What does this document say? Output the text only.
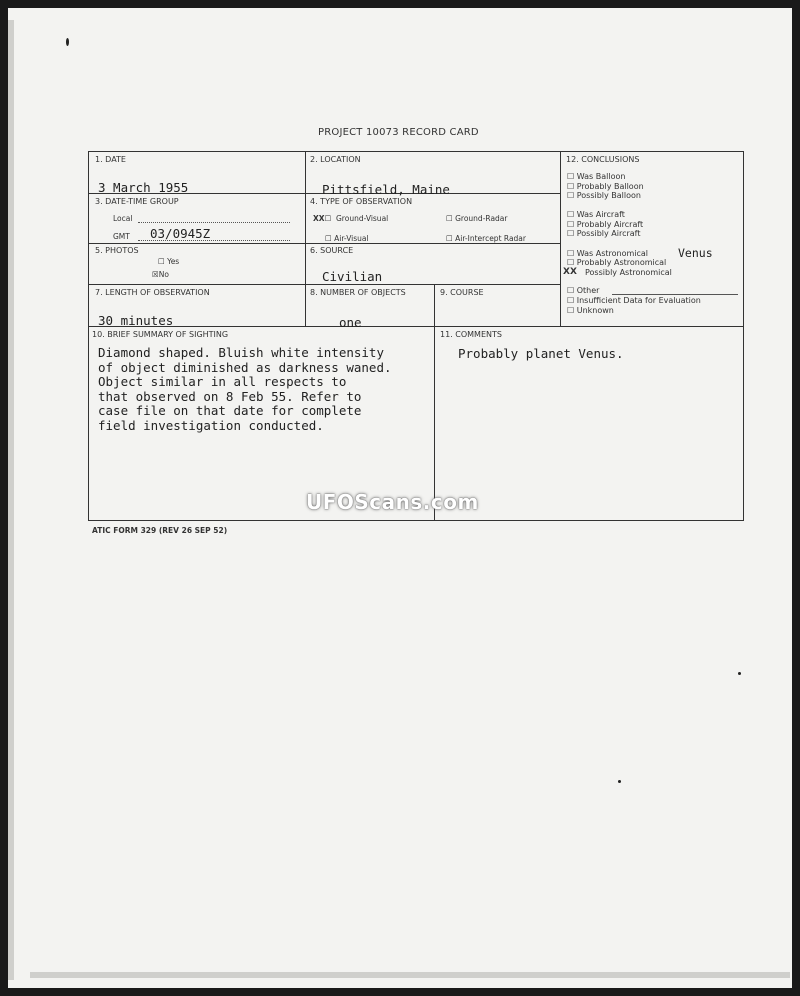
PROJECT 10073 RECORD CARD
1. DATE
3 March 1955
2. LOCATION
Pittsfield, Maine
3. DATE-TIME GROUP
Local
GMT 03/0945Z
4. TYPE OF OBSERVATION
XX☐ Ground-Visual	☐ Ground-Radar
☐ Air-Visual	☐ Air-Intercept Radar
5. PHOTOS
☐ Yes
☒No
6. SOURCE
Civilian
7. LENGTH OF OBSERVATION
30 minutes
8. NUMBER OF OBJECTS
one
9. COURSE
10. BRIEF SUMMARY OF SIGHTING
Diamond shaped. Bluish white intensity
of object diminished as darkness waned.
Object similar in all respects to
that observed on 8 Feb 55. Refer to
case file on that date for complete
field investigation conducted.
11. COMMENTS
Probably planet Venus.
12. CONCLUSIONS
☐ Was Balloon
☐ Probably Balloon
☐ Possibly Balloon
☐ Was Aircraft
☐ Probably Aircraft
☐ Possibly Aircraft
☐ Was Astronomical	Venus
☐ Probably Astronomical
XX Possibly Astronomical
☐ Other
☐ Insufficient Data for Evaluation
☐ Unknown
ATIC FORM 329 (REV 26 SEP 52)
UFOScans.com
